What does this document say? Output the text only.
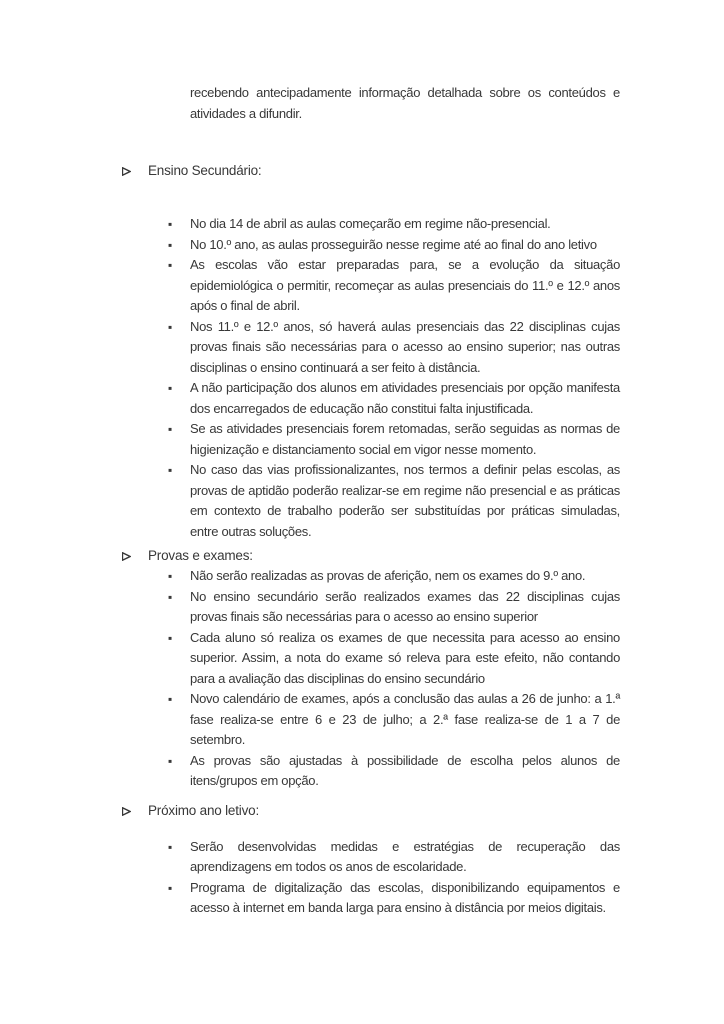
recebendo antecipadamente informação detalhada sobre os conteúdos e atividades a difundir.

Ensino Secundário:
▪	No dia 14 de abril as aulas começarão em regime não-presencial.
▪	No 10.º ano, as aulas prosseguirão nesse regime até ao final do ano letivo
▪	As escolas vão estar preparadas para, se a evolução da situação epidemiológica o permitir, recomeçar as aulas presenciais do 11.º e 12.º anos após o final de abril.
▪	Nos 11.º e 12.º anos, só haverá aulas presenciais das 22 disciplinas cujas provas finais são necessárias para o acesso ao ensino superior; nas outras disciplinas o ensino continuará a ser feito à distância.
▪	A não participação dos alunos em atividades presenciais por opção manifesta dos encarregados de educação não constitui falta injustificada.
▪	Se as atividades presenciais forem retomadas, serão seguidas as normas de higienização e distanciamento social em vigor nesse momento.
▪	No caso das vias profissionalizantes, nos termos a definir pelas escolas, as provas de aptidão poderão realizar-se em regime não presencial e as práticas em contexto de trabalho poderão ser substituídas por práticas simuladas, entre outras soluções.
Provas e exames:
▪	Não serão realizadas as provas de aferição, nem os exames do 9.º ano.
▪	No ensino secundário serão realizados exames das 22 disciplinas cujas provas finais são necessárias para o acesso ao ensino superior
▪	Cada aluno só realiza os exames de que necessita para acesso ao ensino superior. Assim, a nota do exame só releva para este efeito, não contando para a avaliação das disciplinas do ensino secundário
▪	Novo calendário de exames, após a conclusão das aulas a 26 de junho: a 1.ª fase realiza-se entre 6 e 23 de julho; a 2.ª fase realiza-se de 1 a 7 de setembro.
▪	As provas são ajustadas à possibilidade de escolha pelos alunos de itens/grupos em opção.
Próximo ano letivo:
▪	Serão desenvolvidas medidas e estratégias de recuperação das aprendizagens em todos os anos de escolaridade.
▪	Programa de digitalização das escolas, disponibilizando equipamentos e acesso à internet em banda larga para ensino à distância por meios digitais.
